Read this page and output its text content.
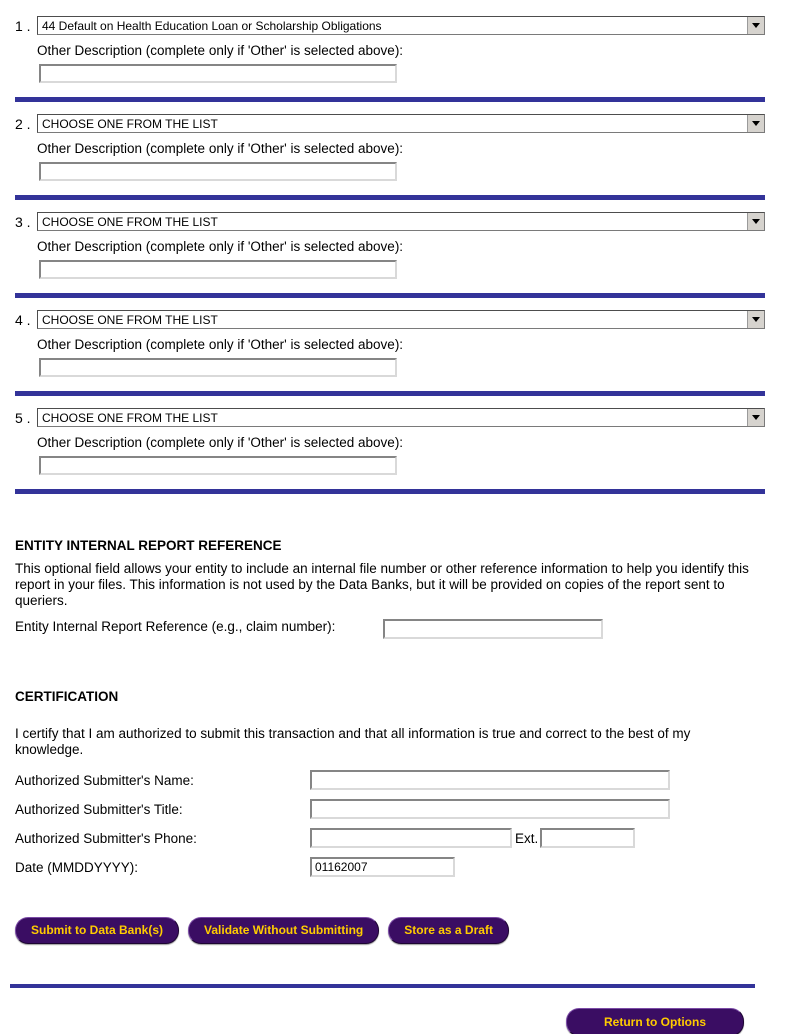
1 . 44 Default on Health Education Loan or Scholarship Obligations
Other Description (complete only if 'Other' is selected above):
2 . CHOOSE ONE FROM THE LIST
Other Description (complete only if 'Other' is selected above):
3 . CHOOSE ONE FROM THE LIST
Other Description (complete only if 'Other' is selected above):
4 . CHOOSE ONE FROM THE LIST
Other Description (complete only if 'Other' is selected above):
5 . CHOOSE ONE FROM THE LIST
Other Description (complete only if 'Other' is selected above):
ENTITY INTERNAL REPORT REFERENCE
This optional field allows your entity to include an internal file number or other reference information to help you identify this report in your files. This information is not used by the Data Banks, but it will be provided on copies of the report sent to queriers.
Entity Internal Report Reference (e.g., claim number):
CERTIFICATION
I certify that I am authorized to submit this transaction and that all information is true and correct to the best of my knowledge.
Authorized Submitter's Name:
Authorized Submitter's Title:
Authorized Submitter's Phone:	Ext.
Date (MMDDYYYY):
01162007
Submit to Data Bank(s)	Validate Without Submitting	Store as a Draft
Return to Options
